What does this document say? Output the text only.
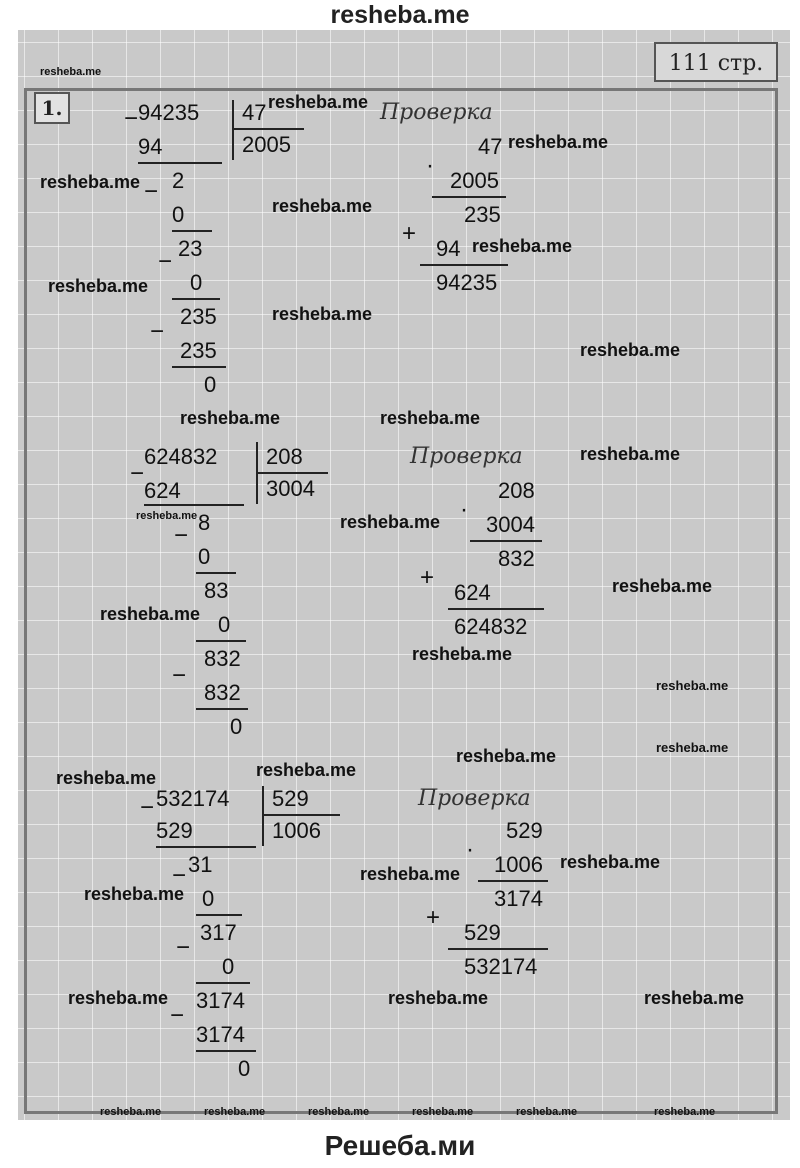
resheba.me
111 стр.
1.	− 94235 47
2005
94
− 2
0
− 23
0
−
235
235
0
Проверка
·
47
2005
235
+
94
94235
−
624832 208
3004
624
− 8
0
83
0
−
832
832
0
Проверка
·
208
3004
832
+
624
624832
− 532174 529
1006
529
− 31
0
−
317
0
−
3174
3174
0
Проверка
·
529
1006
3174
+
529
532174
resheba.me
resheba.me
resheba.me
resheba.me
resheba.me
resheba.me
resheba.me
resheba.me
resheba.me
resheba.me	resheba.me
resheba.me
resheba.me	resheba.me
resheba.me
resheba.me
resheba.me
resheba.me
resheba.me
resheba.me
resheba.me
resheba.me
resheba.me
resheba.me
resheba.me
resheba.me	resheba.me	resheba.me
resheba.me	resheba.me	resheba.me	resheba.me	resheba.me	resheba.me
Решеба.ми
